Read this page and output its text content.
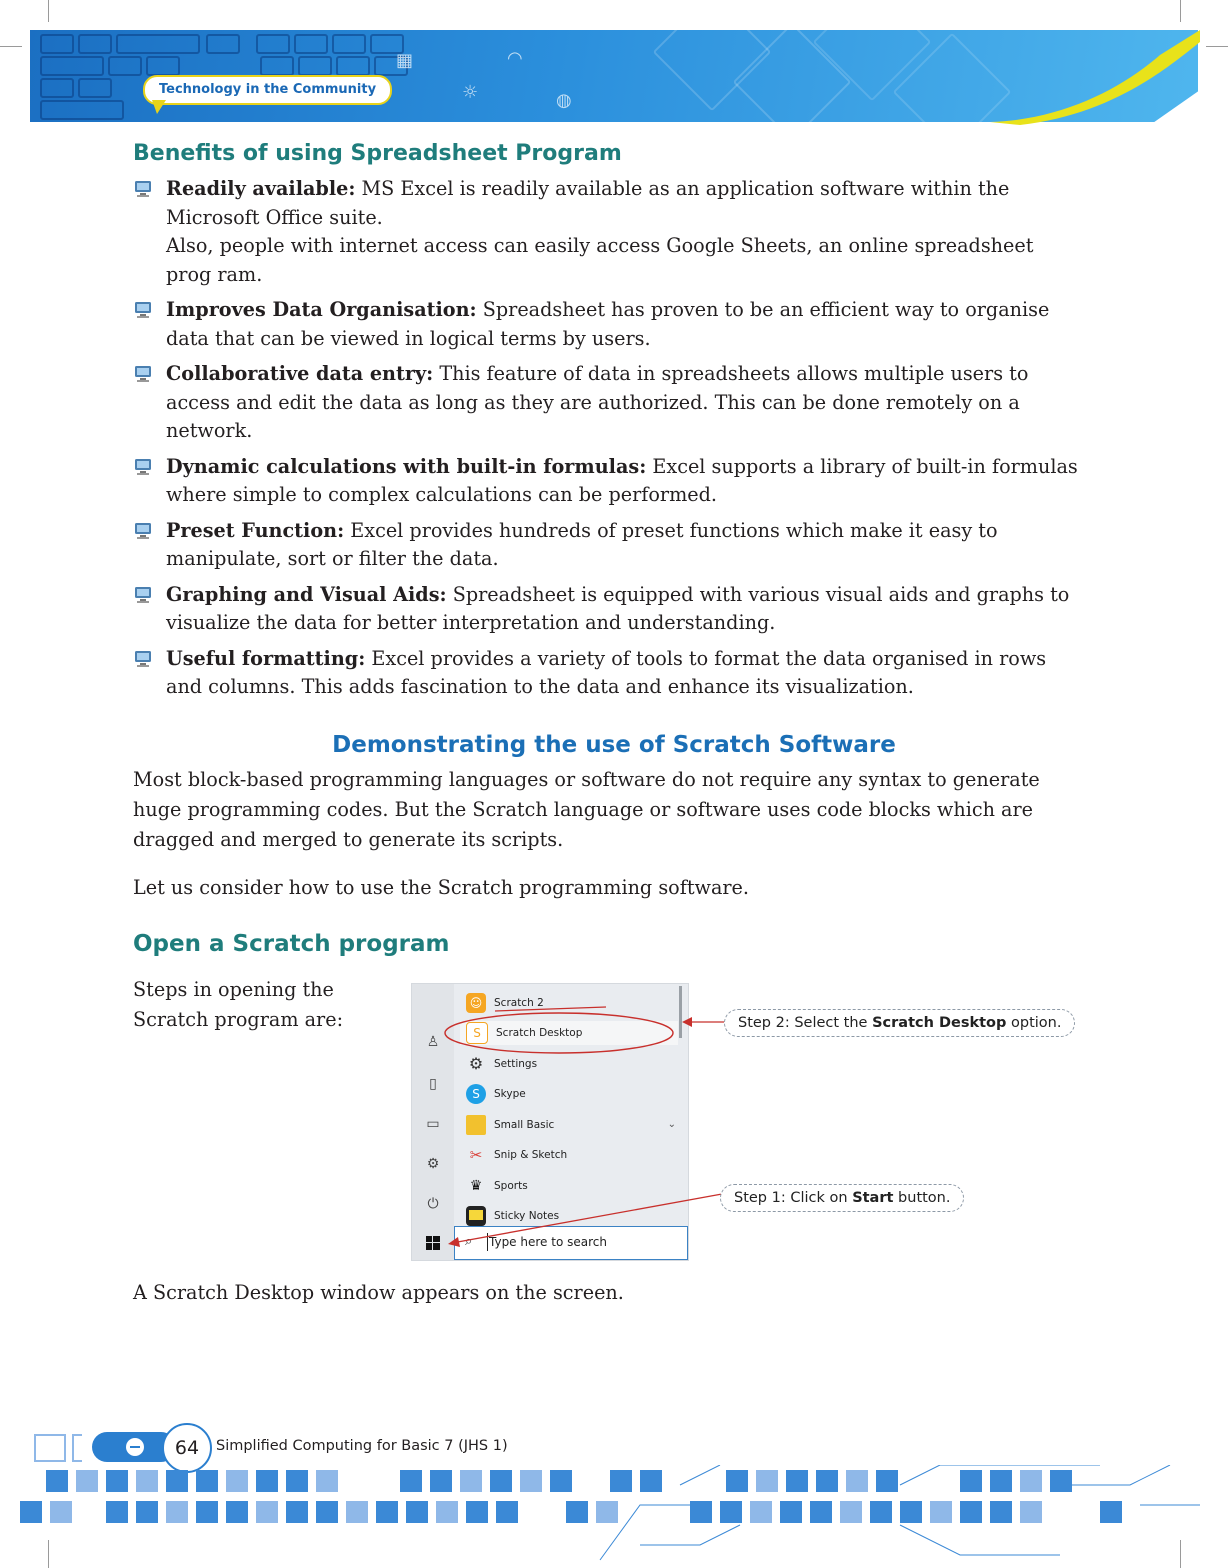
▦	◠
☼	◍
Technology in the Community
Benefits of using Spreadsheet Program
Readily available: MS Excel is readily available as an application software within the Microsoft Office suite.
Also, people with internet access can easily access Google Sheets, an online spreadsheet prog ram.
Improves Data Organisation: Spreadsheet has proven to be an efficient way to organise data that can be viewed in logical terms by users.
Collaborative data entry: This feature of data in spreadsheets allows multiple users to access and edit the data as long as they are authorized. This can be done remotely on a network.
Dynamic calculations with built-in formulas: Excel supports a library of built-in formulas where simple to complex calculations can be performed.
Preset Function: Excel provides hundreds of preset functions which make it easy to manipulate, sort or filter the data.
Graphing and Visual Aids: Spreadsheet is equipped with various visual aids and graphs to visualize the data for better interpretation and understanding.
Useful formatting: Excel provides a variety of tools to format the data organised in rows and columns. This adds fascination to the data and enhance its visualization.
Demonstrating the use of Scratch Software

Most block-based programming languages or software do not require any syntax to generate huge programming codes. But the Scratch language or software uses code blocks which are dragged and merged to generate its scripts.

Let us consider how to use the Scratch programming software.

Open a Scratch program

Steps in opening the
Scratch program are:

♙
▯
▭
⚙
⏻
☺ Scratch 2
S Scratch Desktop
⚙ Settings
S Skype
Small Basic	⌄
✂ Snip & Sketch
♛ Sports
Sticky Notes
⌕ Type here to search
Step 2: Select the Scratch Desktop option.
Step 1: Click on Start button.

A Scratch Desktop window appears on the screen.

64	Simplified Computing for Basic 7 (JHS 1)
